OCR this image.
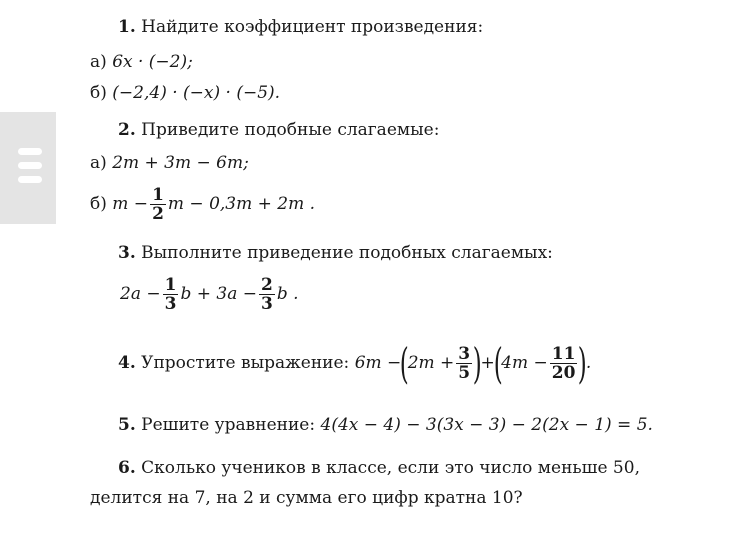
1. Найдите коэффициент произведения:
а) 6x · (−2);
б) (−2,4) · (−x) · (−5).
2. Приведите подобные слагаемые:
а) 2m + 3m − 6m;
б) $m - \frac{1}{2}$ m − 0,3m + 2m .
3. Выполните приведение подобных слагаемых:
$2a - \frac{1}{3}$ $b + 3a - \frac{2}{3}$ b .
4. Упростите выражение: $6m -(2m + \frac{3}{5} )+(4m - \frac{11}{20}$ ).
5. Решите уравнение: 4(4x − 4) − 3(3x − 3) − 2(2x − 1) = 5.
6. Сколько учеников в классе, если это число меньше 50,
делится на 7, на 2 и сумма его цифр кратна 10?
